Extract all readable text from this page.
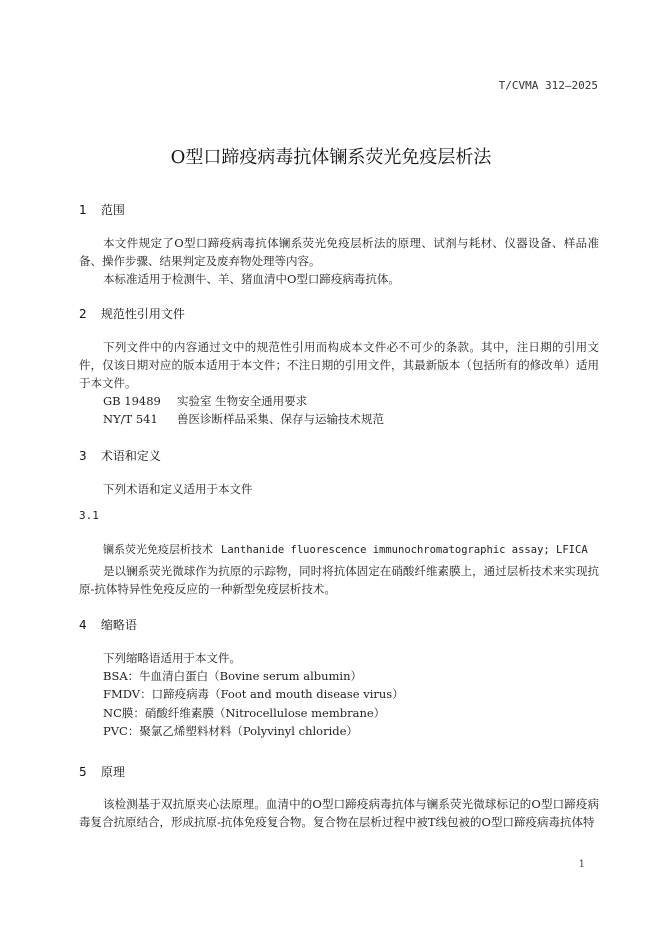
T/CVMA 312—2025
O型口蹄疫病毒抗体镧系荧光免疫层析法
1 范围

本文件规定了O型口蹄疫病毒抗体镧系荧光免疫层析法的原理、试剂与耗材、仪器设备、样品准备、操作步骤、结果判定及废弃物处理等内容。

本标准适用于检测牛、羊、猪血清中O型口蹄疫病毒抗体。

2 规范性引用文件

下列文件中的内容通过文中的规范性引用而构成本文件必不可少的条款。其中，注日期的引用文件，仅该日期对应的版本适用于本文件；不注日期的引用文件，其最新版本（包括所有的修改单）适用于本文件。

GB 19489 实验室 生物安全通用要求
NY/T 541 兽医诊断样品采集、保存与运输技术规范
3 术语和定义

下列术语和定义适用于本文件

3.1
镧系荧光免疫层析技术 Lanthanide fluorescence immunochromatographic assay; LFICA

是以镧系荧光微球作为抗原的示踪物，同时将抗体固定在硝酸纤维素膜上，通过层析技术来实现抗原-抗体特异性免疫反应的一种新型免疫层析技术。

4 缩略语

下列缩略语适用于本文件。

BSA：牛血清白蛋白（Bovine serum albumin）
FMDV：口蹄疫病毒（Foot and mouth disease virus）
NC膜：硝酸纤维素膜（Nitrocellulose membrane）
PVC：聚氯乙烯塑料材料（Polyvinyl chloride）
5 原理

该检测基于双抗原夹心法原理。血清中的O型口蹄疫病毒抗体与镧系荧光微球标记的O型口蹄疫病毒复合抗原结合，形成抗原-抗体免疫复合物。复合物在层析过程中被T线包被的O型口蹄疫病毒抗体特

1
